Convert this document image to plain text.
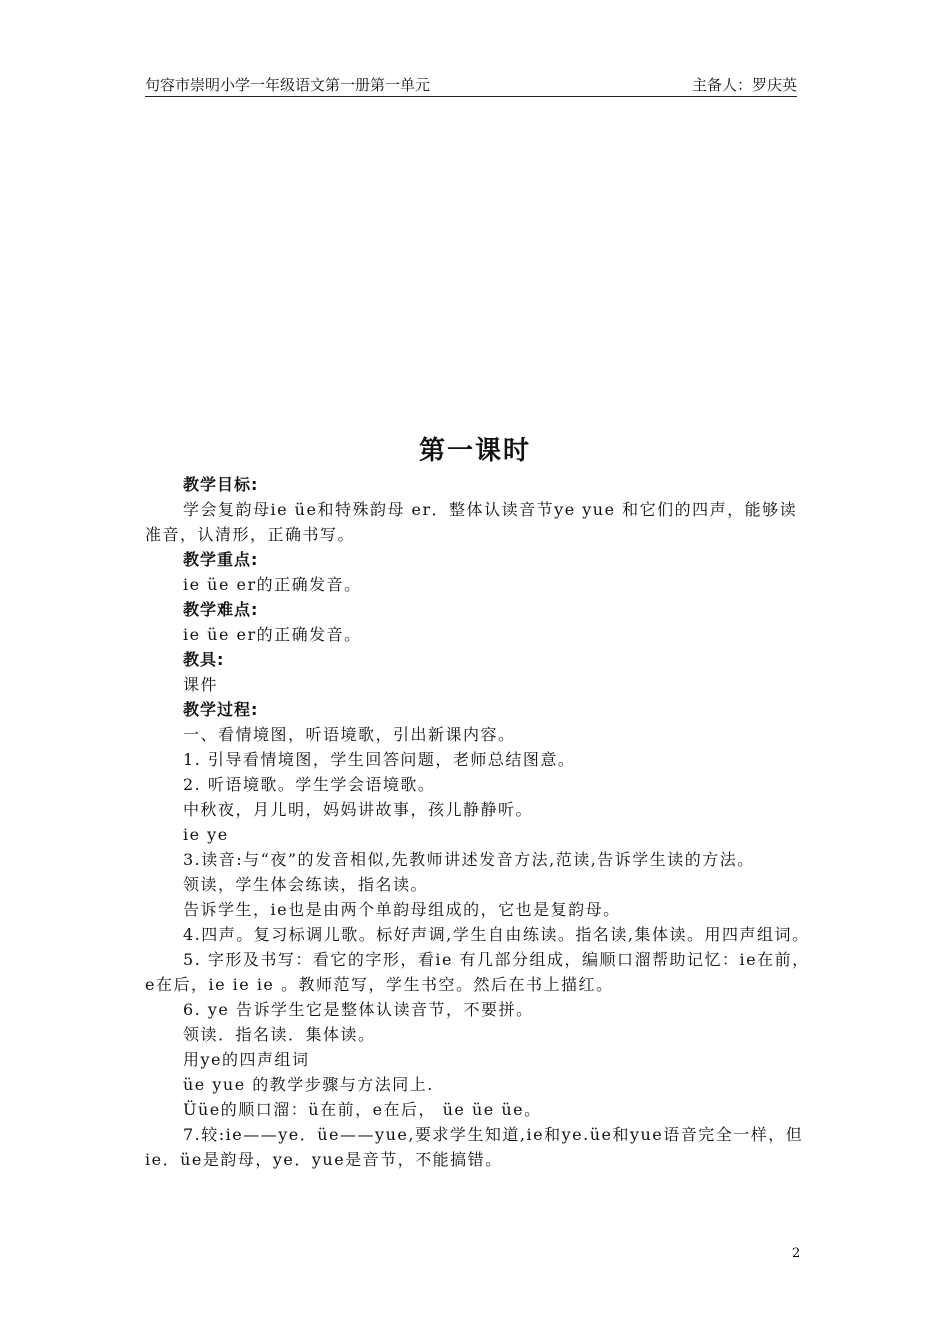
句容市崇明小学一年级语文第一册第一单元	主备人：罗庆英
第一课时

教学目标:

学会复韵母ie üe和特殊韵母 er．整体认读音节ye yue 和它们的四声，能够读准音，认清形，正确书写。

教学重点:

ie üe er的正确发音。

教学难点:

ie üe er的正确发音。

教具:

课件

教学过程:

一、看情境图，听语境歌，引出新课内容。

1. 引导看情境图，学生回答问题，老师总结图意。

2. 听语境歌。学生学会语境歌。

中秋夜，月儿明，妈妈讲故事，孩儿静静听。

ie ye

3.读音:与“夜”的发音相似,先教师讲述发音方法,范读,告诉学生读的方法。

领读，学生体会练读，指名读。

告诉学生，ie也是由两个单韵母组成的，它也是复韵母。

4.四声。复习标调儿歌。标好声调,学生自由练读。指名读,集体读。用四声组词。

5. 字形及书写：看它的字形，看ie 有几部分组成，编顺口溜帮助记忆：ie在前，e在后，ie ie ie 。教师范写，学生书空。然后在书上描红。

6. ye 告诉学生它是整体认读音节，不要拼。

领读．指名读．集体读。

用ye的四声组词

üe yue 的教学步骤与方法同上.

Üüe的顺口溜：ü在前，e在后， üe üe üe。

7.较:ie——ye．üe——yue,要求学生知道,ie和ye.üe和yue语音完全一样，但ie．üe是韵母，ye．yue是音节，不能搞错。

2
